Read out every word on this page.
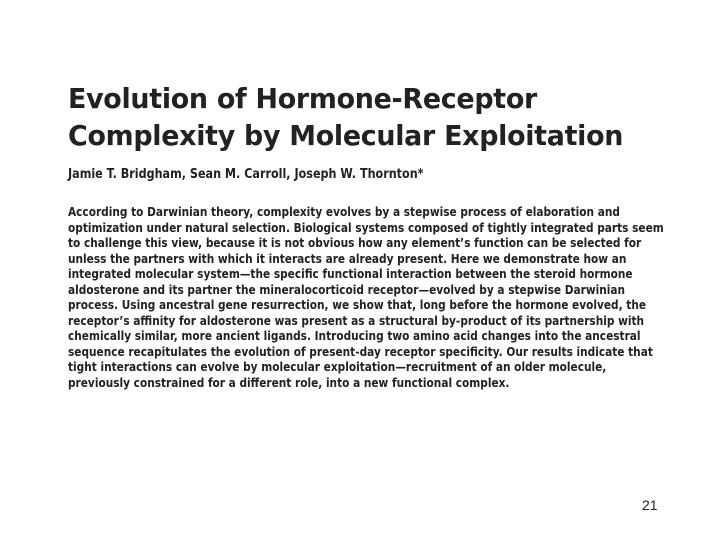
Evolution of Hormone-Receptor
Complexity by Molecular Exploitation
Jamie T. Bridgham, Sean M. Carroll, Joseph W. Thornton*
According to Darwinian theory, complexity evolves by a stepwise process of elaboration and
optimization under natural selection. Biological systems composed of tightly integrated parts seem
to challenge this view, because it is not obvious how any element’s function can be selected for
unless the partners with which it interacts are already present. Here we demonstrate how an
integrated molecular system—the specific functional interaction between the steroid hormone
aldosterone and its partner the mineralocorticoid receptor—evolved by a stepwise Darwinian
process. Using ancestral gene resurrection, we show that, long before the hormone evolved, the
receptor’s affinity for aldosterone was present as a structural by-product of its partnership with
chemically similar, more ancient ligands. Introducing two amino acid changes into the ancestral
sequence recapitulates the evolution of present-day receptor specificity. Our results indicate that
tight interactions can evolve by molecular exploitation—recruitment of an older molecule,
previously constrained for a different role, into a new functional complex.
21
